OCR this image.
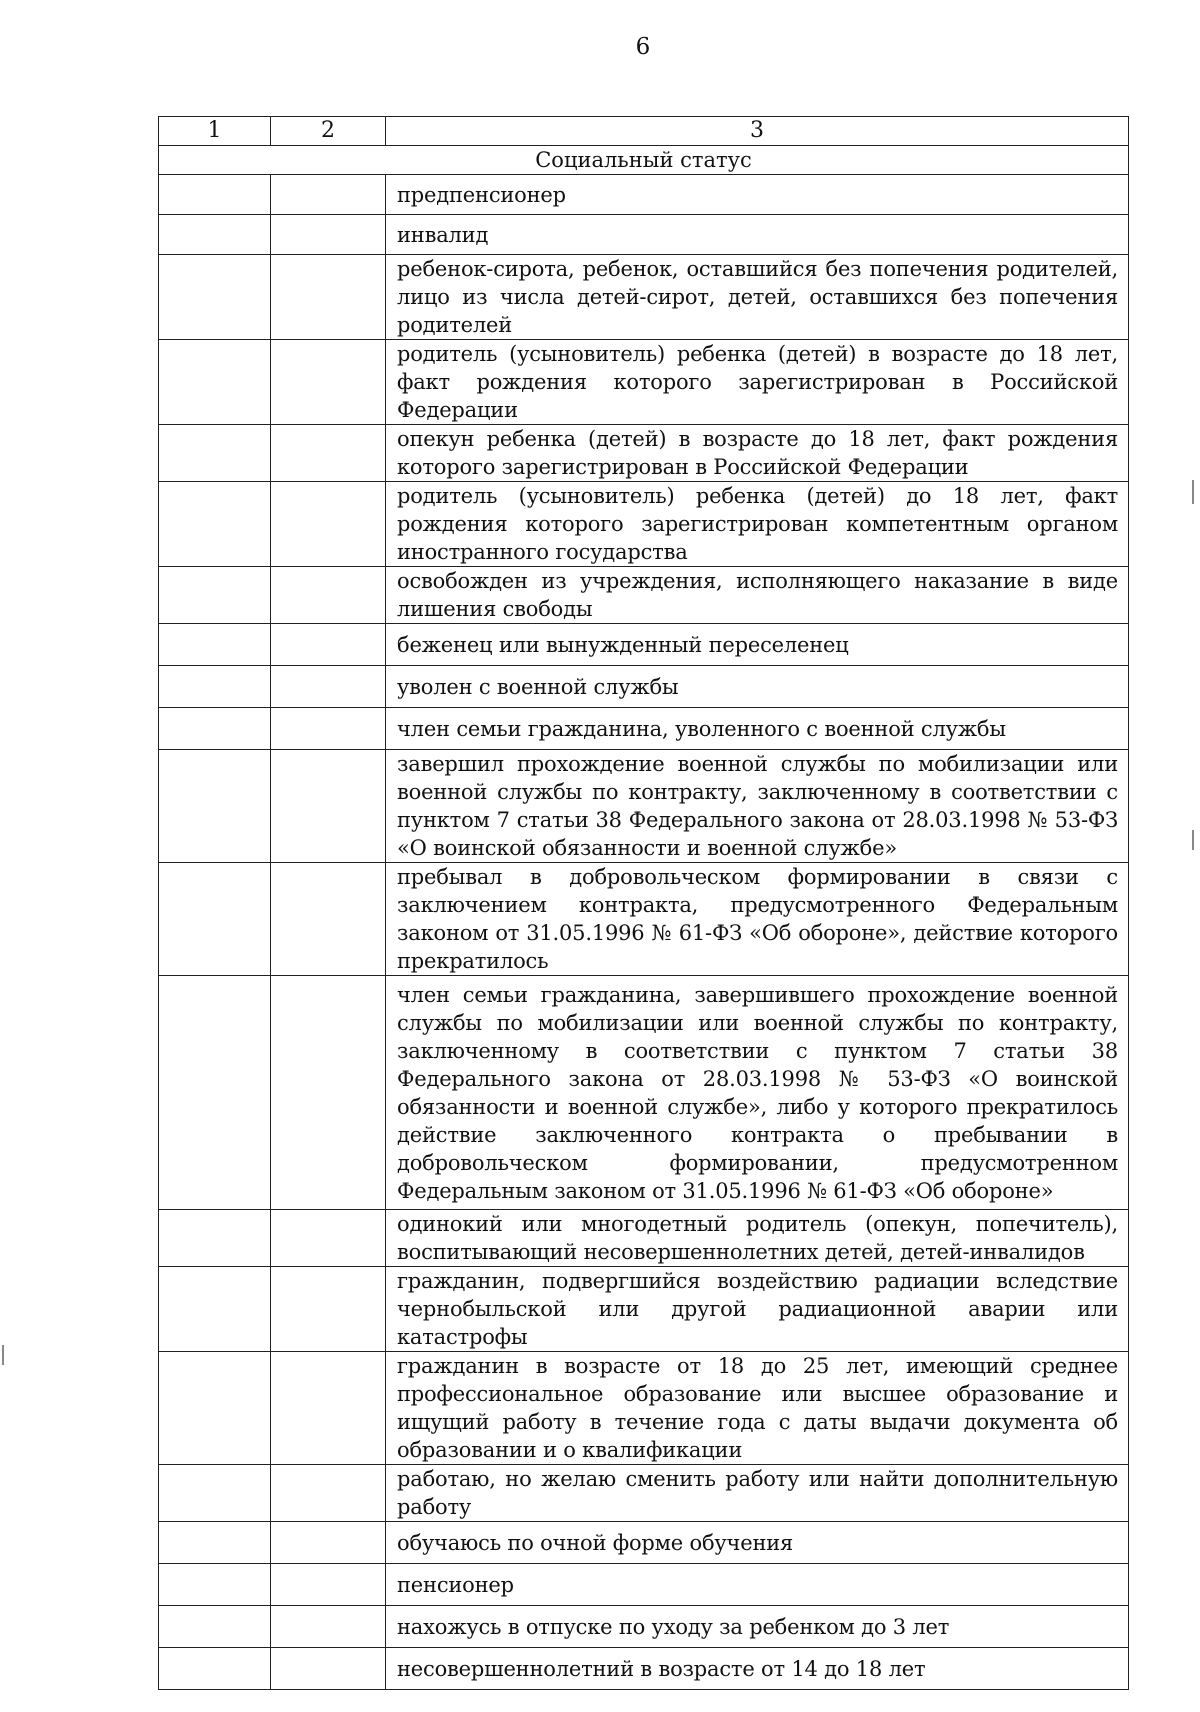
6
1	2	3
Социальный статус		
		предпенсионер
		инвалид
		ребенок-сирота, ребенок, оставшийся без попечения родителей, лицо из числа детей-сирот, детей, оставшихся без попечения родителей
		родитель (усыновитель) ребенка (детей) в возрасте до 18 лет, факт рождения которого зарегистрирован в Российской Федерации
		опекун ребенка (детей) в возрасте до 18 лет, факт рождения которого зарегистрирован в Российской Федерации
		родитель (усыновитель) ребенка (детей) до 18 лет, факт рождения которого зарегистрирован компетентным органом иностранного государства
		освобожден из учреждения, исполняющего наказание в виде лишения свободы
		беженец или вынужденный переселенец
		уволен с военной службы
		член семьи гражданина, уволенного с военной службы
		завершил прохождение военной службы по мобилизации или военной службы по контракту, заключенному в соответствии с пунктом 7 статьи 38 Федерального закона от 28.03.1998 № 53-ФЗ «О воинской обязанности и военной службе»
		пребывал в добровольческом формировании в связи с заключением контракта, предусмотренного Федеральным законом от 31.05.1996 № 61-ФЗ «Об обороне», действие которого прекратилось
		член семьи гражданина, завершившего прохождение военной службы по мобилизации или военной службы по контракту, заключенному в соответствии с пунктом 7 статьи 38 Федерального закона от 28.03.1998 № 53-ФЗ «О воинской обязанности и военной службе», либо у которого прекратилось действие заключенного контракта о пребывании в добровольческом формировании, предусмотренном Федеральным законом от 31.05.1996 № 61-ФЗ «Об обороне»
		одинокий или многодетный родитель (опекун, попечитель), воспитывающий несовершеннолетних детей, детей-инвалидов
		гражданин, подвергшийся воздействию радиации вследствие чернобыльской или другой радиационной аварии или катастрофы
		гражданин в возрасте от 18 до 25 лет, имеющий среднее профессиональное образование или высшее образование и ищущий работу в течение года с даты выдачи документа об образовании и о квалификации
		работаю, но желаю сменить работу или найти дополнительную работу
		обучаюсь по очной форме обучения
		пенсионер
		нахожусь в отпуске по уходу за ребенком до 3 лет
		несовершеннолетний в возрасте от 14 до 18 лет
